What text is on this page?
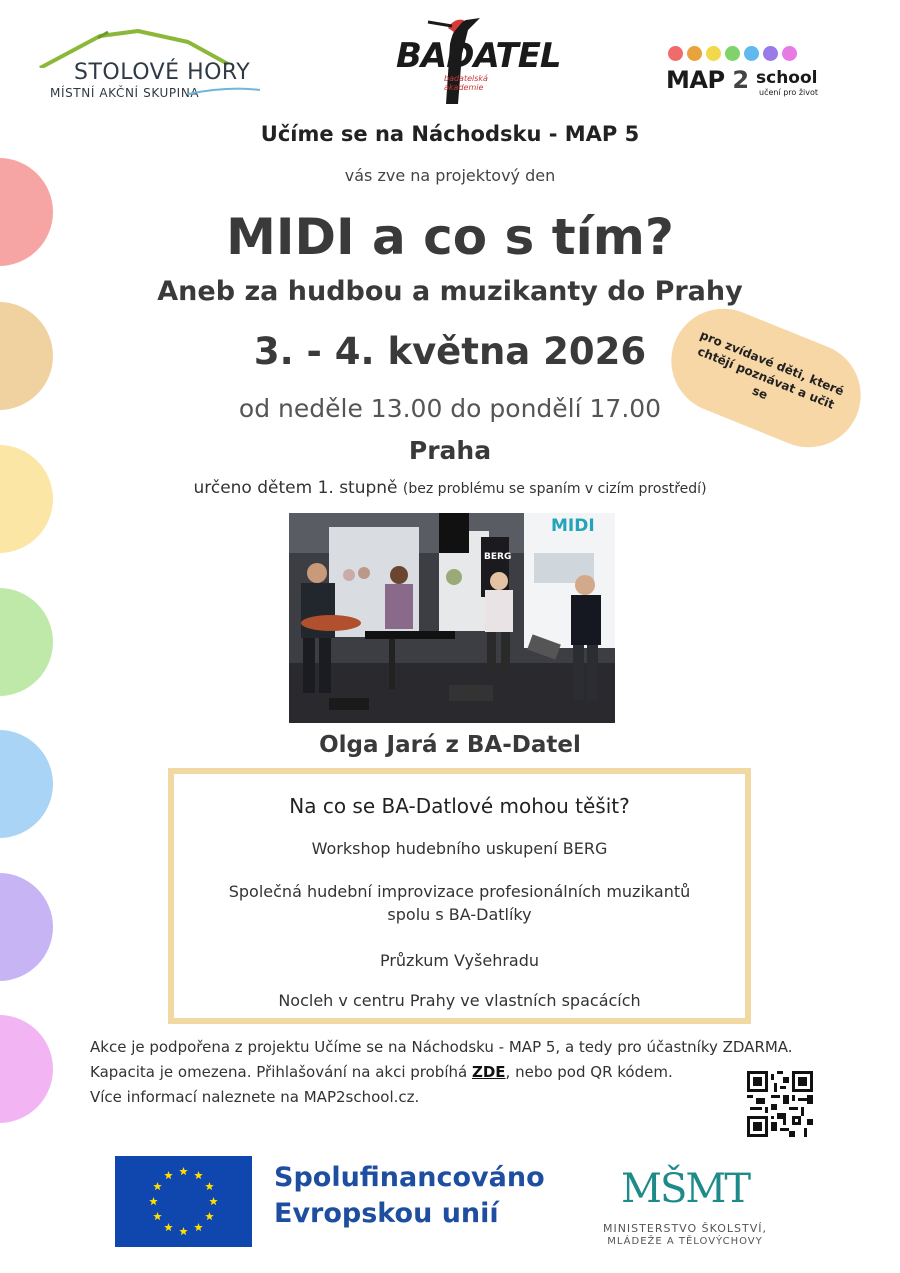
STOLOVÉ HORY
MÍSTNÍ AKČNÍ SKUPINA
BADATEL
badatelská akademie	MAP 2 school
učení pro život
Učíme se na Náchodsku - MAP 5
vás zve na projektový den
MIDI a co s tím?
Aneb za hudbou a muzikanty do Prahy
3. - 4. května 2026
od neděle 13.00 do pondělí 17.00
Praha
určeno dětem 1. stupně (bez problému se spaním v cizím prostředí)
pro zvídavé děti, které chtějí poznávat a učit se
MIDI
BERG
Olga Jará z BA-Datel
Na co se BA-Datlové mohou těšit?
Workshop hudebního uskupení BERG
Společná hudební improvizace profesionálních muzikantů
spolu s BA-Datlíky
Průzkum Vyšehradu
Nocleh v centru Prahy ve vlastních spacácích
Akce je podpořena z projektu Učíme se na Náchodsku - MAP 5, a tedy pro účastníky ZDARMA.
Kapacita je omezena. Přihlašování na akci probíhá ZDE, nebo pod QR kódem.
Více informací naleznete na MAP2school.cz.
Spolufinancováno
Evropskou unií
MŠMT
MINISTERSTVO ŠKOLSTVÍ,
MLÁDEŽE A TĚLOVÝCHOVY
